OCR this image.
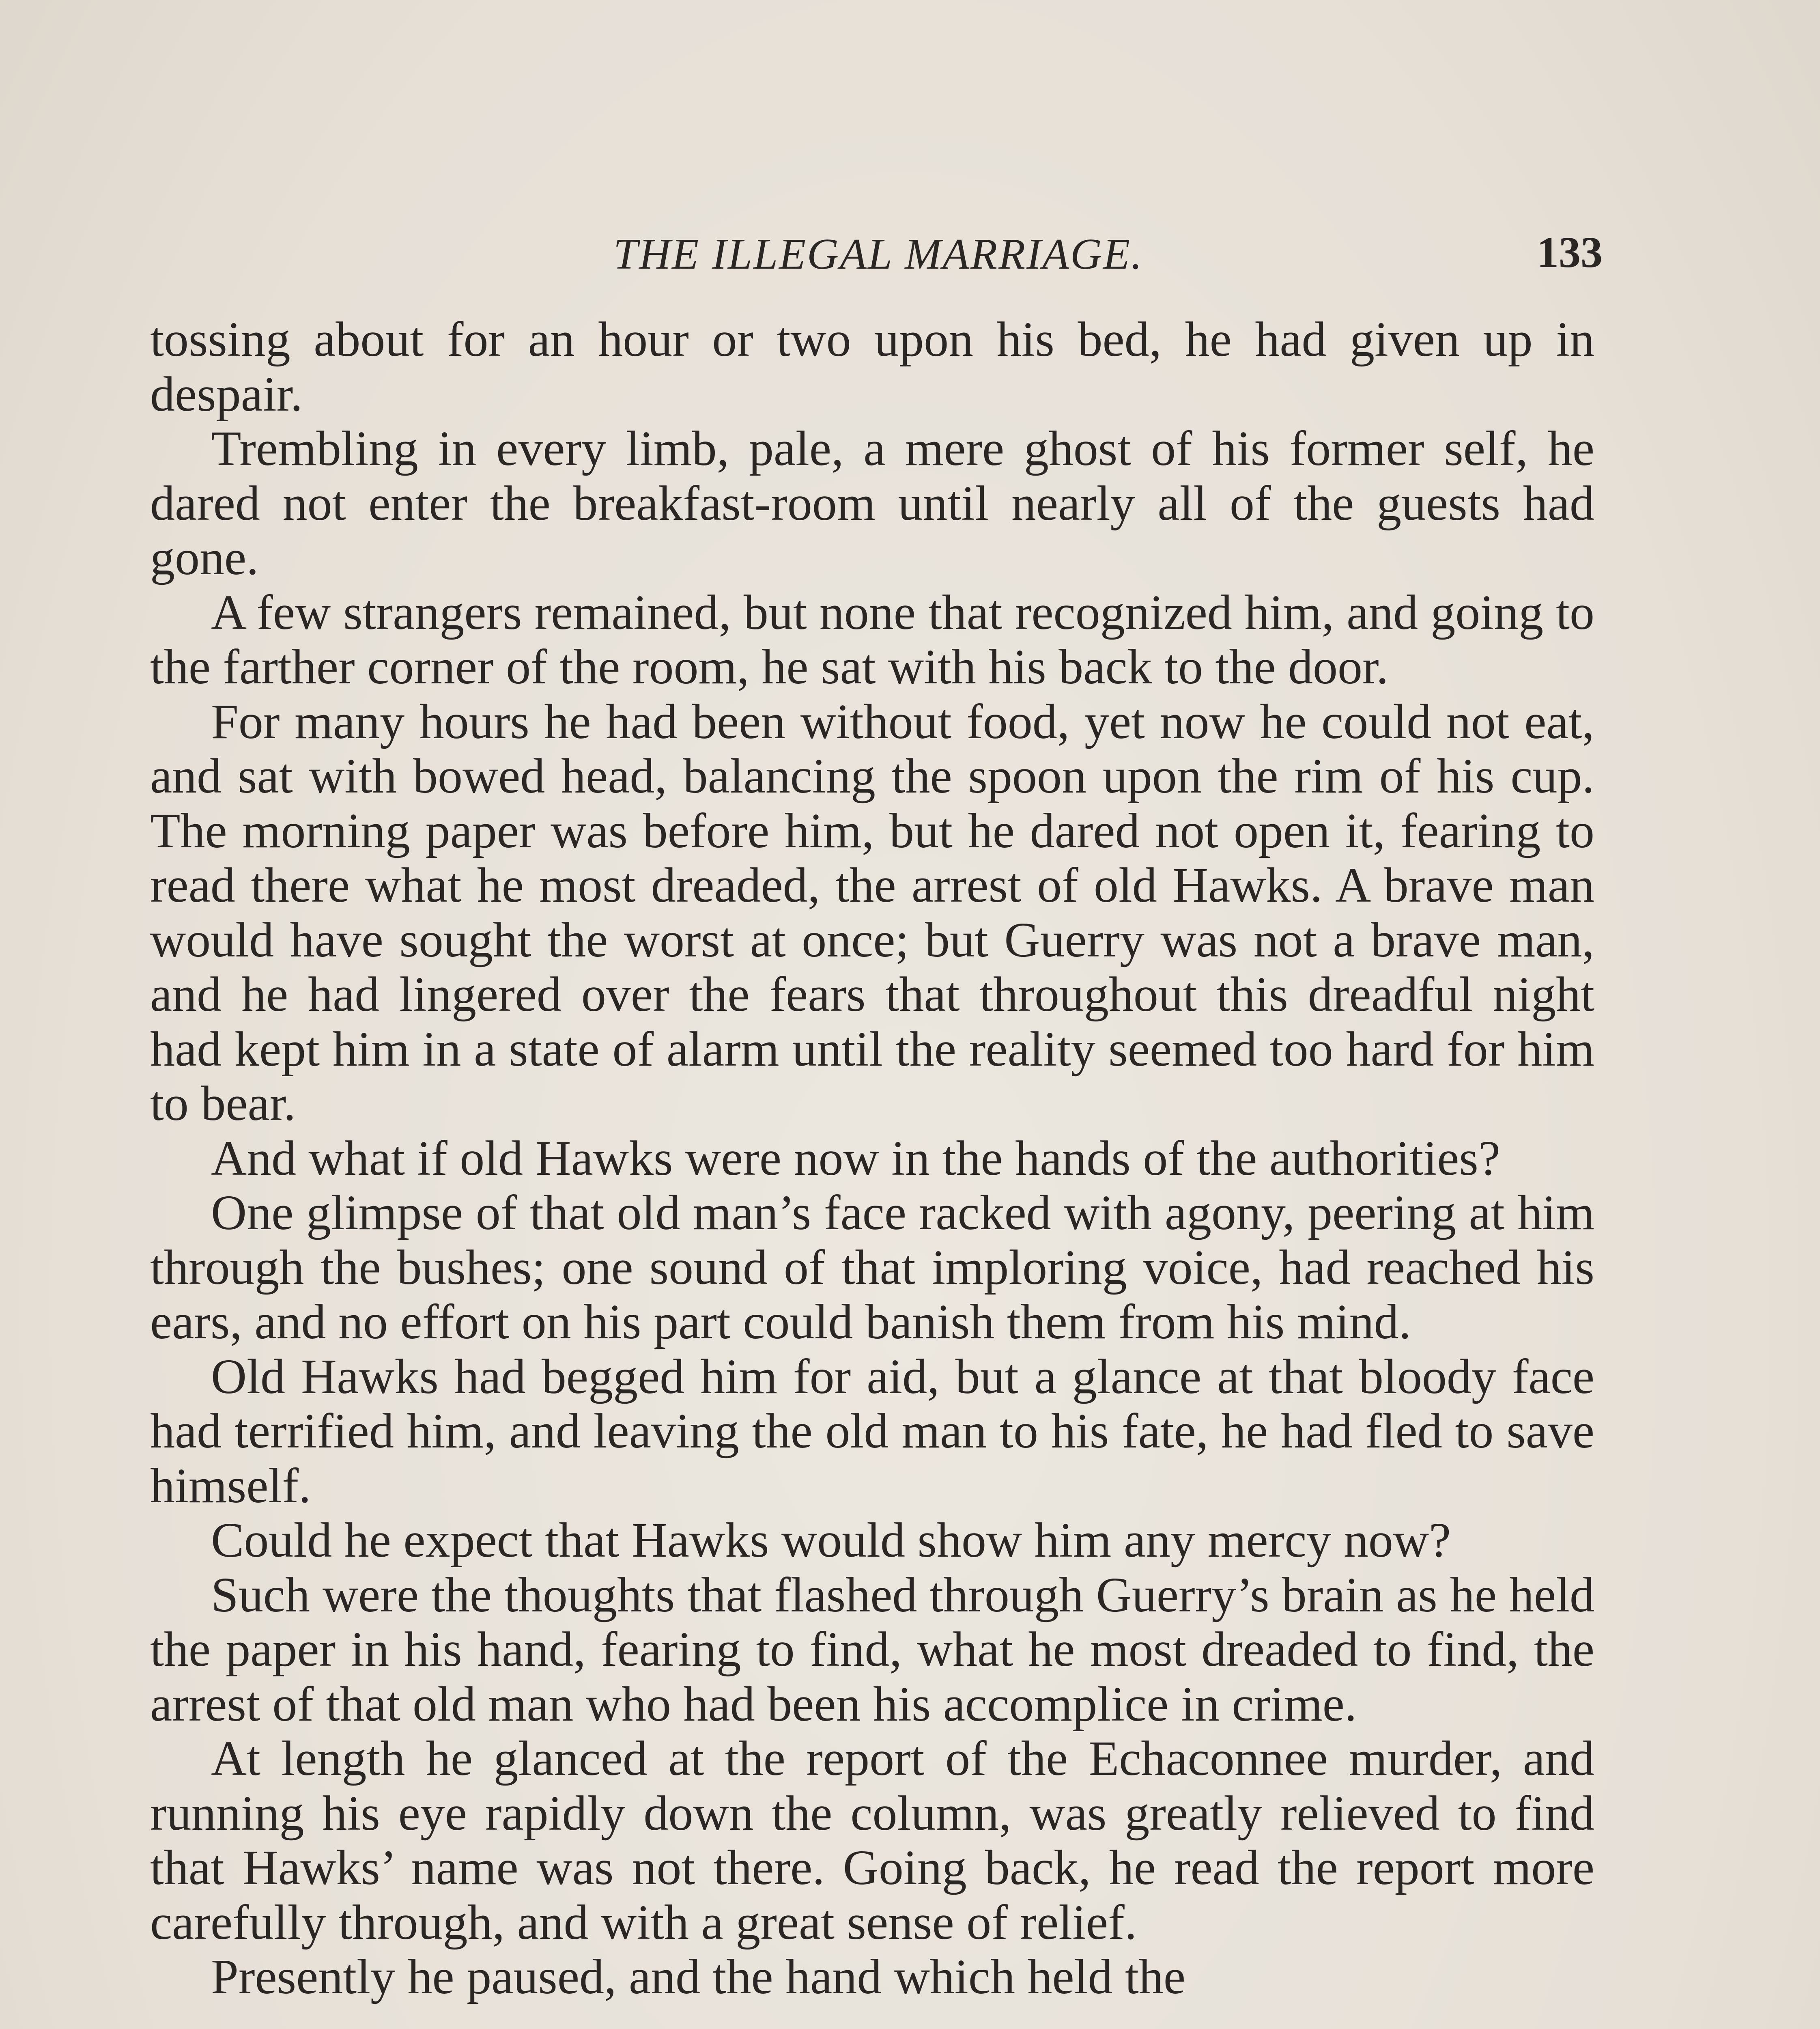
THE ILLEGAL MARRIAGE.	133

tossing about for an hour or two upon his bed, he had given up in despair.

Trembling in every limb, pale, a mere ghost of his former self, he dared not enter the breakfast-room until nearly all of the guests had gone.

A few strangers remained, but none that recognized him, and going to the farther corner of the room, he sat with his back to the door.

For many hours he had been without food, yet now he could not eat, and sat with bowed head, balancing the spoon upon the rim of his cup. The morning paper was before him, but he dared not open it, fearing to read there what he most dreaded, the arrest of old Hawks. A brave man would have sought the worst at once; but Guerry was not a brave man, and he had lingered over the fears that throughout this dreadful night had kept him in a state of alarm until the reality seemed too hard for him to bear.

And what if old Hawks were now in the hands of the authorities?

One glimpse of that old man’s face racked with agony, peering at him through the bushes; one sound of that imploring voice, had reached his ears, and no effort on his part could banish them from his mind.

Old Hawks had begged him for aid, but a glance at that bloody face had terrified him, and leaving the old man to his fate, he had fled to save himself.

Could he expect that Hawks would show him any mercy now?

Such were the thoughts that flashed through Guerry’s brain as he held the paper in his hand, fearing to find, what he most dreaded to find, the arrest of that old man who had been his accomplice in crime.

At length he glanced at the report of the Echaconnee murder, and running his eye rapidly down the column, was greatly relieved to find that Hawks’ name was not there. Going back, he read the report more carefully through, and with a great sense of relief.

Presently he paused, and the hand which held the
